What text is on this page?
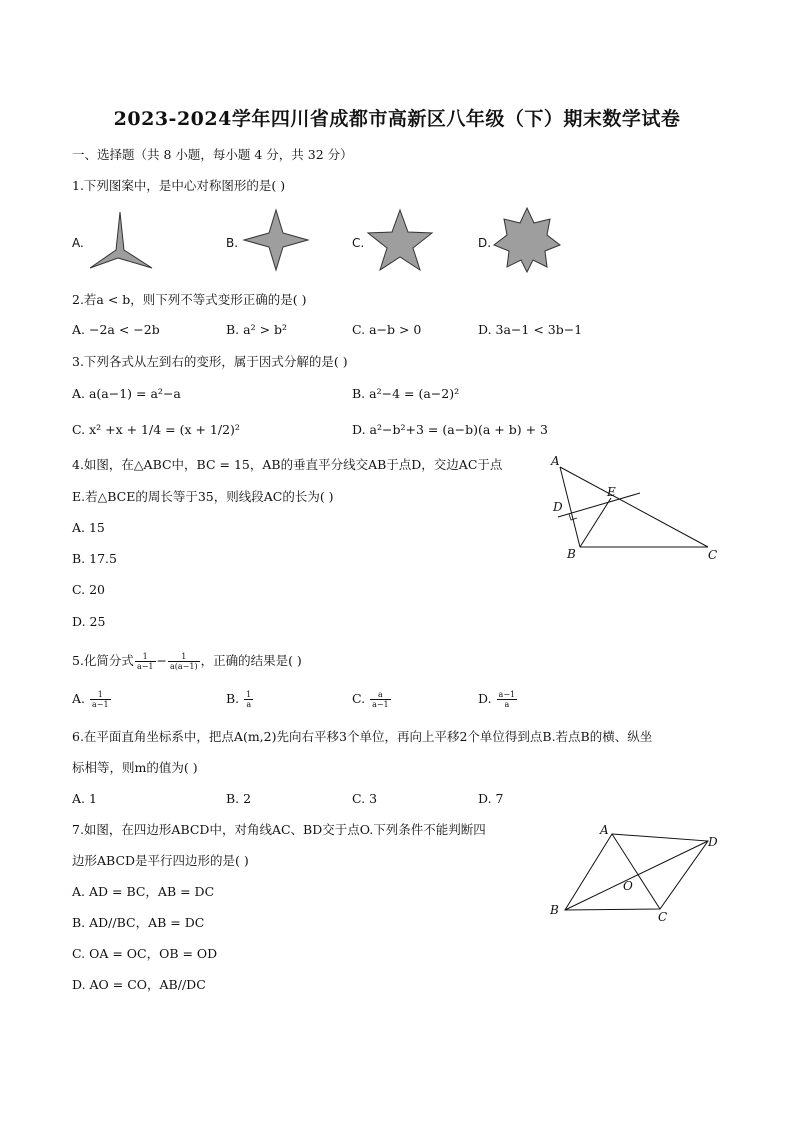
2023-2024学年四川省成都市高新区八年级（下）期末数学试卷
一、选择题（共 8 小题，每小题 4 分，共 32 分）
1.下列图案中，是中心对称图形的是( )
A.	B.	C.	D.
2.若a < b，则下列不等式变形正确的是( )
A. −2a < −2b	B. a² > b²	C. a−b > 0	D. 3a−1 < 3b−1
3.下列各式从左到右的变形，属于因式分解的是( )
A. a(a−1) = a²−a	B. a²−4 = (a−2)²
C. x² +x + 1/4 = (x + 1/2)²	D. a²−b²+3 = (a−b)(a + b) + 3
4.如图，在△ABC中，BC = 15，AB的垂直平分线交AB于点D，交边AC于点
E.若△BCE的周长等于35，则线段AC的长为( )
A. 15
B. 17.5
C. 20
D. 25
A
E
D
B	C
5.化简分式 $\frac{1}{a-1} - \frac{1}{a(a-1)}$ ，正确的结果是( )
A. $\frac{1}{a-1}$	B. $\frac{1}{a}$	C. $\frac{a}{a-1}$	D. $\frac{a-1}{a}$
6.在平面直角坐标系中，把点A(m,2)先向右平移3个单位，再向上平移2个单位得到点B.若点B的横、纵坐
标相等，则m的值为( )
A. 1	B. 2	C. 3	D. 7
7.如图，在四边形ABCD中，对角线AC、BD交于点O.下列条件不能判断四
边形ABCD是平行四边形的是( )
A. AD = BC，AB = DC
B. AD//BC，AB = DC
C. OA = OC，OB = OD
D. AO = CO，AB//DC
A
D
O
B	C
